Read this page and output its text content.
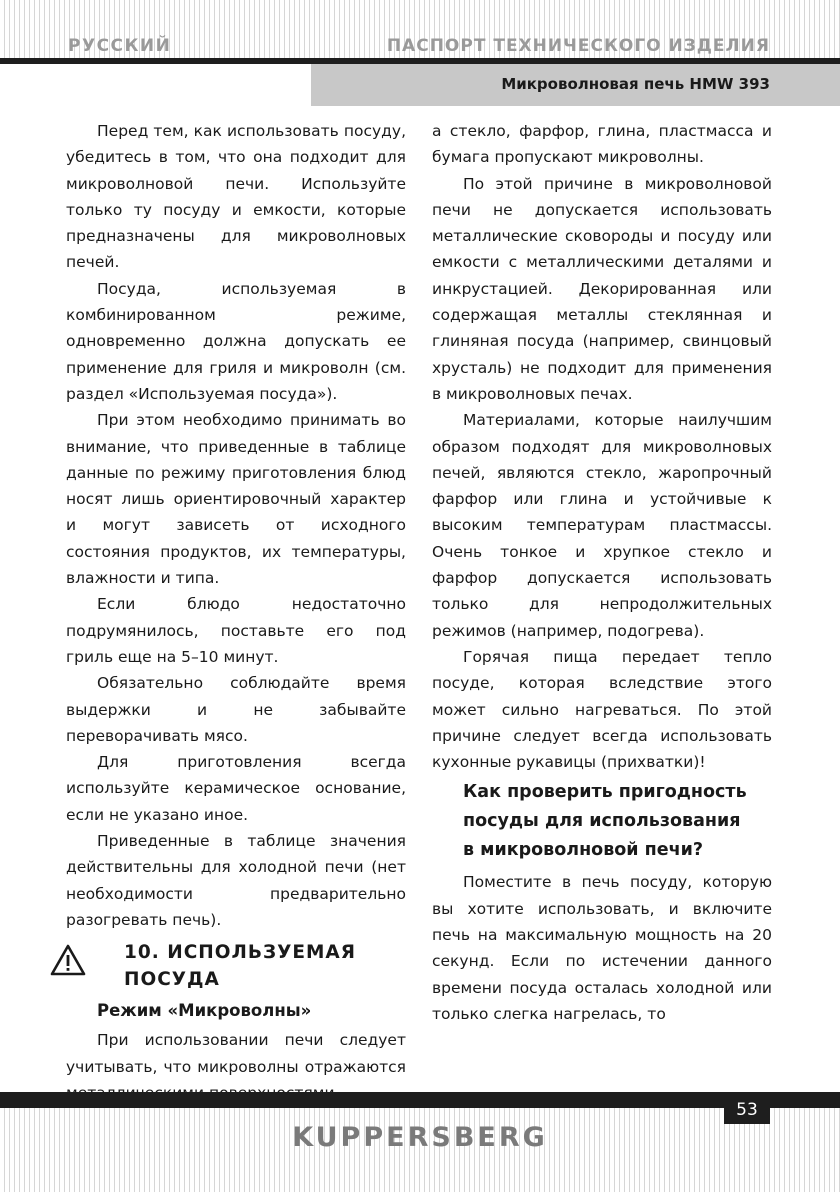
РУССКИЙ	ПАСПОРТ ТЕХНИЧЕСКОГО ИЗДЕЛИЯ
Микроволновая печь HMW 393

Перед тем, как использовать посуду, убедитесь в том, что она подходит для микроволновой печи. Используйте только ту посуду и емкости, которые предназначены для микроволновых печей.

Посуда, используемая в комбинированном режиме, одновременно должна допускать ее применение для гриля и микроволн (см. раздел «Используемая посуда»).

При этом необходимо принимать во внимание, что приведенные в таблице данные по режиму приготовления блюд носят лишь ориентировочный характер и могут зависеть от исходного состояния продуктов, их температуры, влажности и типа.

Если блюдо недостаточно подрумянилось, поставьте его под гриль еще на 5–10 минут.

Обязательно соблюдайте время выдержки и не забывайте переворачивать мясо.

Для приготовления всегда используйте керамическое основание, если не указано иное.

Приведенные в таблице значения действительны для холодной печи (нет необходимости предварительно разогревать печь).

10. ИСПОЛЬЗУЕМАЯ
ПОСУДА
Режим «Микроволны»

При использовании печи следует учитывать, что микроволны отражаются

а стекло, фарфор, глина, пластмасса и бумага пропускают микроволны.

По этой причине в микроволновой печи не допускается использовать металлические сковороды и посуду или емкости с металлическими деталями и инкрустацией. Декорированная или содержащая металлы стеклянная и глиняная посуда (например, свинцовый хрусталь) не подходит для применения в микроволновых печах.

Материалами, которые наилучшим образом подходят для микроволновых печей, являются стекло, жаропрочный фарфор или глина и устойчивые к высоким температурам пластмассы. Очень тонкое и хрупкое стекло и фарфор допускается использовать только для непродолжительных режимов (например, подогрева).

Горячая пища передает тепло посуде, которая вследствие этого может сильно нагреваться. По этой причине следует всегда использовать кухонные рукавицы (прихватки)!

Как проверить пригодность
посуды для использования
в микроволновой печи?

Поместите в печь посуду, которую вы хотите использовать, и включите печь на максимальную мощность на 20 секунд. Если по истечении данного времени посуда осталась холодной или только слегка нагрелась, то

53
KUPPERSBERG
